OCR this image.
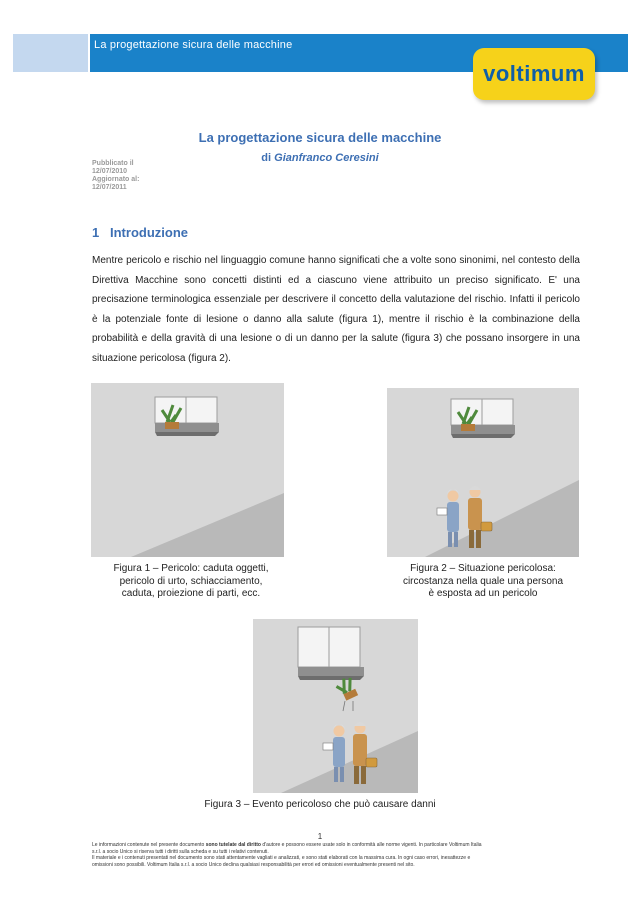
La progettazione sicura delle macchine
voltimum
La progettazione sicura delle macchine
di Gianfranco Ceresini
Pubblicato il
12/07/2010
Aggiornato al:
12/07/2011
1 Introduzione
Mentre pericolo e rischio nel linguaggio comune hanno significati che a volte sono sinonimi, nel contesto della Direttiva Macchine sono concetti distinti ed a ciascuno viene attribuito un preciso significato. E' una precisazione terminologica essenziale per descrivere il concetto della valutazione del rischio. Infatti il pericolo è la potenziale fonte di lesione o danno alla salute (figura 1), mentre il rischio è la combinazione della probabilità e della gravità di una lesione o di un danno per la salute (figura 3) che possano insorgere in una situazione pericolosa (figura 2).
Figura 1 – Pericolo: caduta oggetti,
pericolo di urto, schiacciamento,
caduta, proiezione di parti, ecc.
Figura 2 – Situazione pericolosa:
circostanza nella quale una persona
è esposta ad un pericolo
Figura 3 – Evento pericoloso che può causare danni
1
Le informazioni contenute nel presente documento sono tutelate dal diritto d'autore e possono essere usate solo in conformità alle norme vigenti. In particolare Voltimum Italia
s.r.l. a socio Unico si riserva tutti i diritti sulla scheda e su tutti i relativi contenuti.
Il materiale e i contenuti presentati nel documento sono stati attentamente vagliati e analizzati, e sono stati elaborati con la massima cura. In ogni caso errori, inesattezze e
omissioni sono possibili. Voltimum Italia s.r.l. a socio Unico declina qualsiasi responsabilità per errori ed omissioni eventualmente presenti nel sito.
